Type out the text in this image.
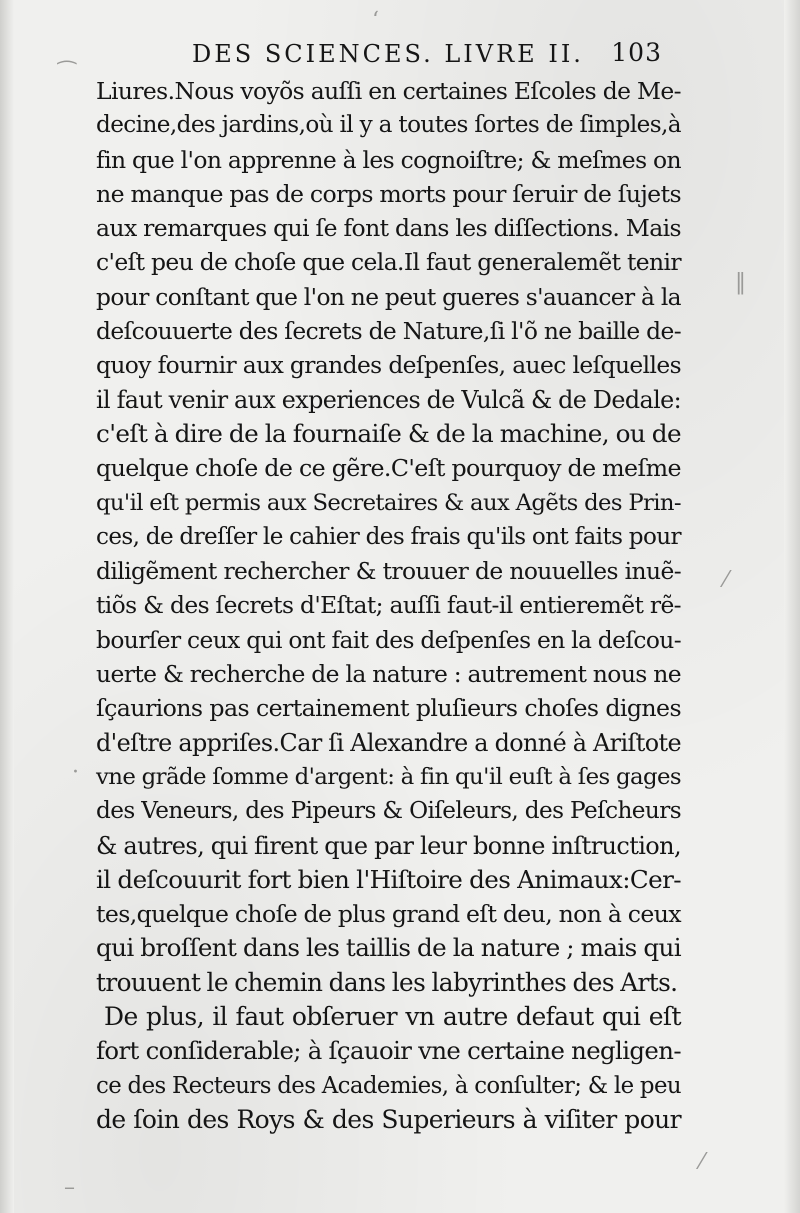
DES SCIENCES. LIVRE II. 103
⁔
‘
‖
⁄
·
–
⁄
Liures.Nous voyõs auſſi en certaines Eſcoles de Me-
decine,des jardins,où il y a toutes ſortes de ſimples,à
fin que l'on apprenne à les cognoiſtre; & meſmes on
ne manque pas de corps morts pour ſeruir de ſujets
aux remarques qui ſe font dans les diſſections. Mais
c'eſt peu de choſe que cela.Il faut generalemẽt tenir
pour conſtant que l'on ne peut gueres s'auancer à la
deſcouuerte des ſecrets de Nature,ſi l'õ ne baille de-
quoy fournir aux grandes deſpenſes, auec leſquelles
il faut venir aux experiences de Vulcã & de Dedale:
c'eſt à dire de la fournaiſe & de la machine, ou de
quelque choſe de ce gẽre.C'eſt pourquoy de meſme
qu'il eſt permis aux Secretaires & aux Agẽts des Prin-
ces, de dreſſer le cahier des frais qu'ils ont faits pour
diligẽment rechercher & trouuer de nouuelles inuẽ-
tiõs & des ſecrets d'Eſtat; auſſi faut-il entieremẽt rẽ-
bourſer ceux qui ont fait des deſpenſes en la deſcou-
uerte & recherche de la nature : autrement nous ne
ſçaurions pas certainement pluſieurs choſes dignes
d'eſtre appriſes.Car ſi Alexandre a donné à Ariſtote
vne grãde ſomme d'argent: à fin qu'il euſt à ſes gages
des Veneurs, des Pipeurs & Oiſeleurs, des Peſcheurs
& autres, qui firent que par leur bonne inſtruction,
il deſcouurit fort bien l'Hiſtoire des Animaux:Cer-
tes,quelque choſe de plus grand eſt deu, non à ceux
qui broſſent dans les taillis de la nature ; mais qui
trouuent le chemin dans les labyrinthes des Arts.
De plus, il faut obſeruer vn autre defaut qui eſt
fort conſiderable; à ſçauoir vne certaine negligen-
ce des Recteurs des Academies, à conſulter; & le peu
de ſoin des Roys & des Superieurs à viſiter pour
